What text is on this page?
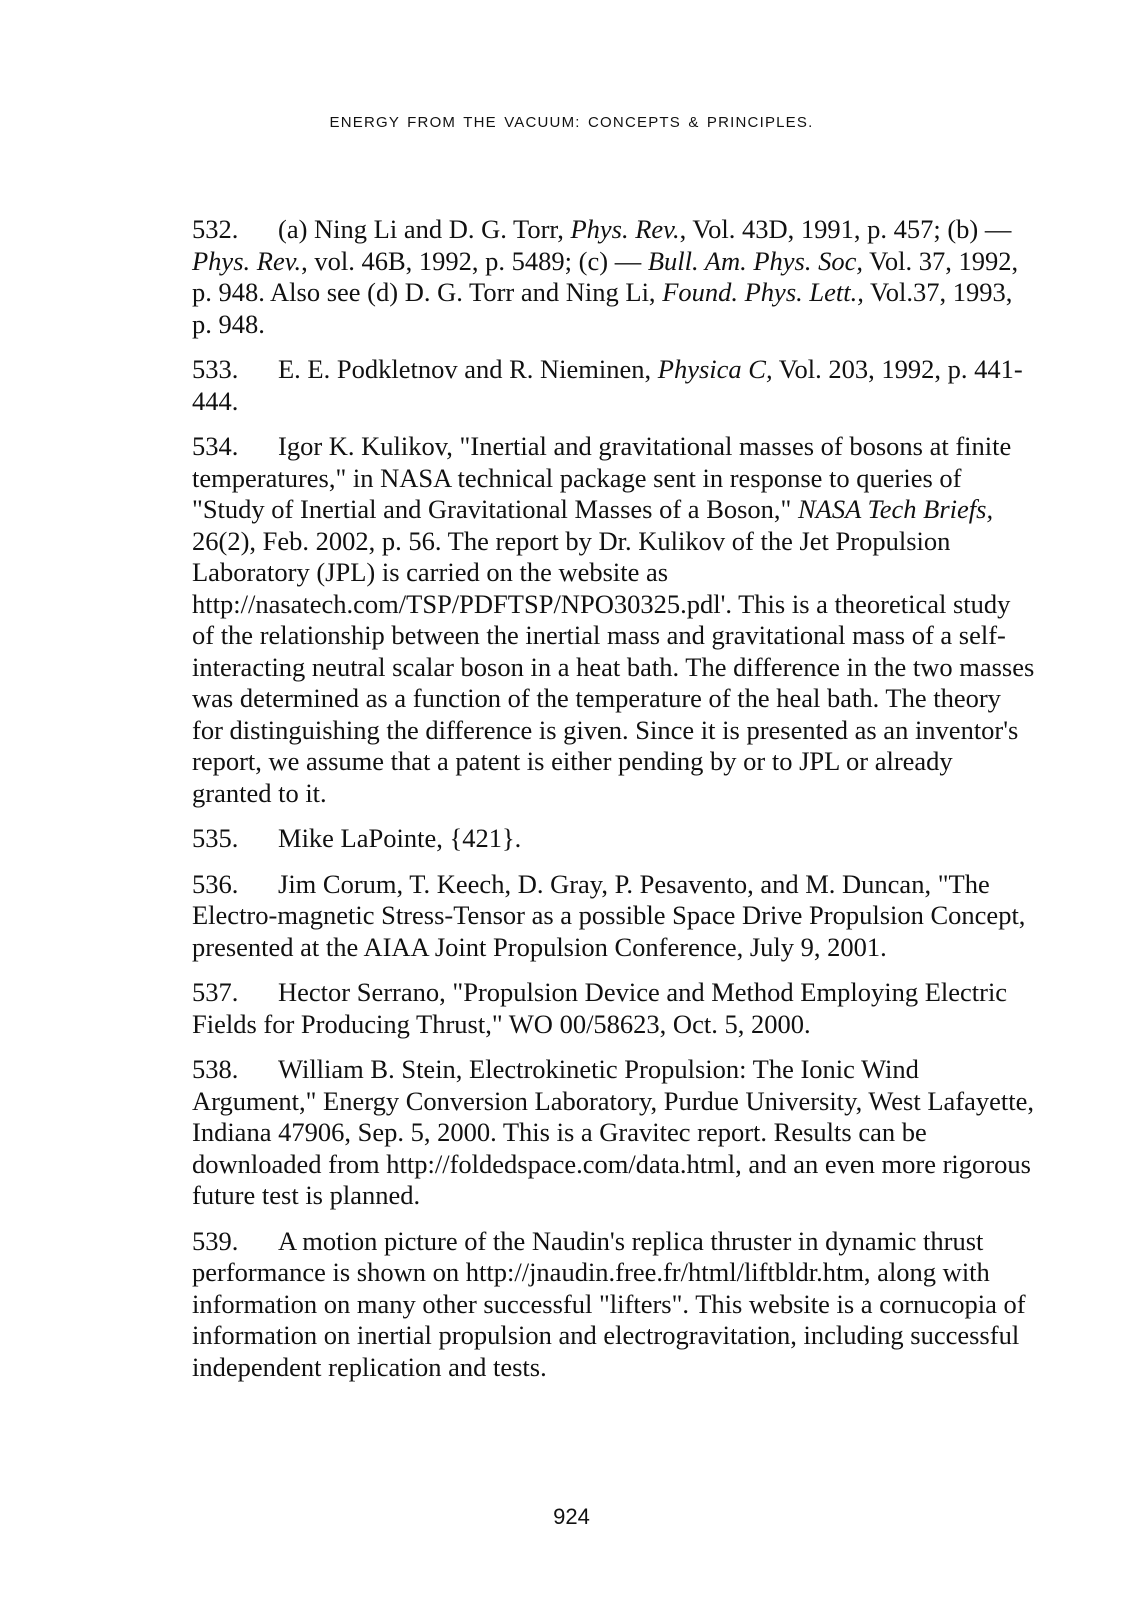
ENERGY FROM THE VACUUM: CONCEPTS & PRINCIPLES.

532. (a) Ning Li and D. G. Torr, Phys. Rev., Vol. 43D, 1991, p. 457; (b) — Phys. Rev., vol. 46B, 1992, p. 5489; (c) — Bull. Am. Phys. Soc, Vol. 37, 1992, p. 948. Also see (d) D. G. Torr and Ning Li, Found. Phys. Lett., Vol.37, 1993, p. 948.

533. E. E. Podkletnov and R. Nieminen, Physica C, Vol. 203, 1992, p. 441-444.

534. Igor K. Kulikov, "Inertial and gravitational masses of bosons at finite temperatures," in NASA technical package sent in response to queries of "Study of Inertial and Gravitational Masses of a Boson," NASA Tech Briefs, 26(2), Feb. 2002, p. 56. The report by Dr. Kulikov of the Jet Propulsion Laboratory (JPL) is carried on the website as http://nasatech.com/TSP/PDFTSP/NPO30325.pdl'. This is a theoretical study of the relationship between the inertial mass and gravitational mass of a self-interacting neutral scalar boson in a heat bath. The difference in the two masses was determined as a function of the temperature of the heal bath. The theory for distinguishing the difference is given. Since it is presented as an inventor's report, we assume that a patent is either pending by or to JPL or already granted to it.

535. Mike LaPointe, {421}.

536. Jim Corum, T. Keech, D. Gray, P. Pesavento, and M. Duncan, "The Electro-magnetic Stress-Tensor as a possible Space Drive Propulsion Concept, presented at the AIAA Joint Propulsion Conference, July 9, 2001.

537. Hector Serrano, "Propulsion Device and Method Employing Electric Fields for Producing Thrust," WO 00/58623, Oct. 5, 2000.

538. William B. Stein, Electrokinetic Propulsion: The Ionic Wind Argument," Energy Conversion Laboratory, Purdue University, West Lafayette, Indiana 47906, Sep. 5, 2000. This is a Gravitec report. Results can be downloaded from http://foldedspace.com/data.html, and an even more rigorous future test is planned.

539. A motion picture of the Naudin's replica thruster in dynamic thrust performance is shown on http://jnaudin.free.fr/html/liftbldr.htm, along with information on many other successful "lifters". This website is a cornucopia of information on inertial propulsion and electrogravitation, including successful independent replication and tests.

924
